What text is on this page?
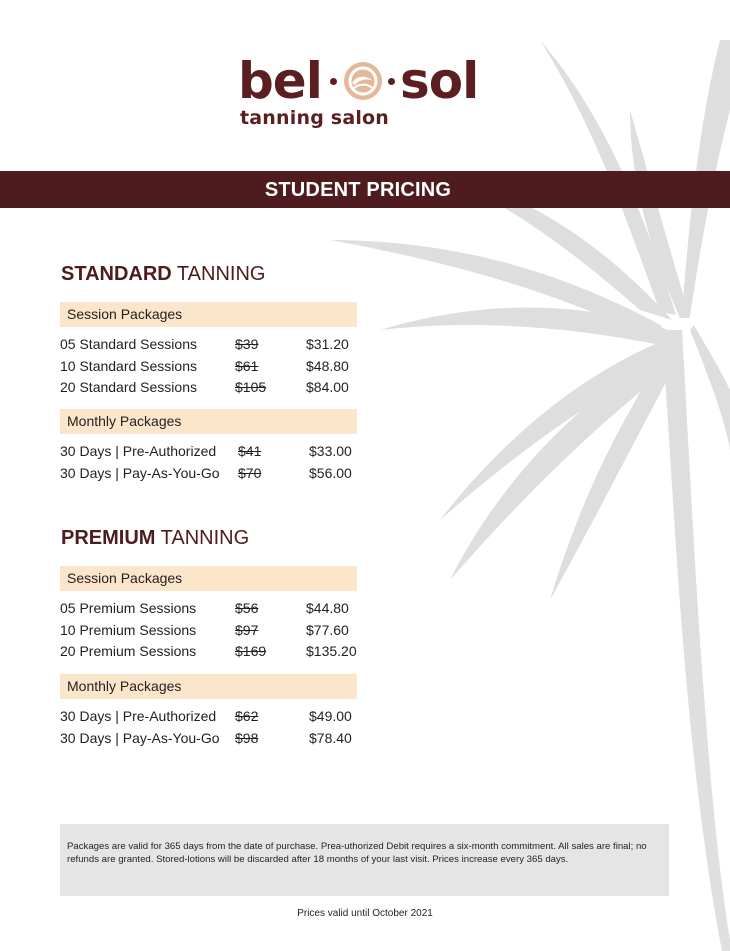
bel sol
tanning salon
STUDENT PRICING
STANDARD TANNING
Session Packages
05 Standard Sessions	$39	$31.20
10 Standard Sessions	$61	$48.80
20 Standard Sessions	$105	$84.00
Monthly Packages
30 Days | Pre-Authorized $41	$33.00
30 Days | Pay-As-You-Go $70	$56.00
PREMIUM TANNING
Session Packages
05 Premium Sessions	$56	$44.80
10 Premium Sessions	$97	$77.60
20 Premium Sessions	$169	$135.20
Monthly Packages
30 Days | Pre-Authorized $62	$49.00
30 Days | Pay-As-You-Go $98	$78.40
Packages are valid for 365 days from the date of purchase. Prea-uthorized Debit requires a six-month commitment. All sales are final; no refunds are granted. Stored-lotions will be discarded after 18 months of your last visit. Prices increase every 365 days.
Prices valid until October 2021
